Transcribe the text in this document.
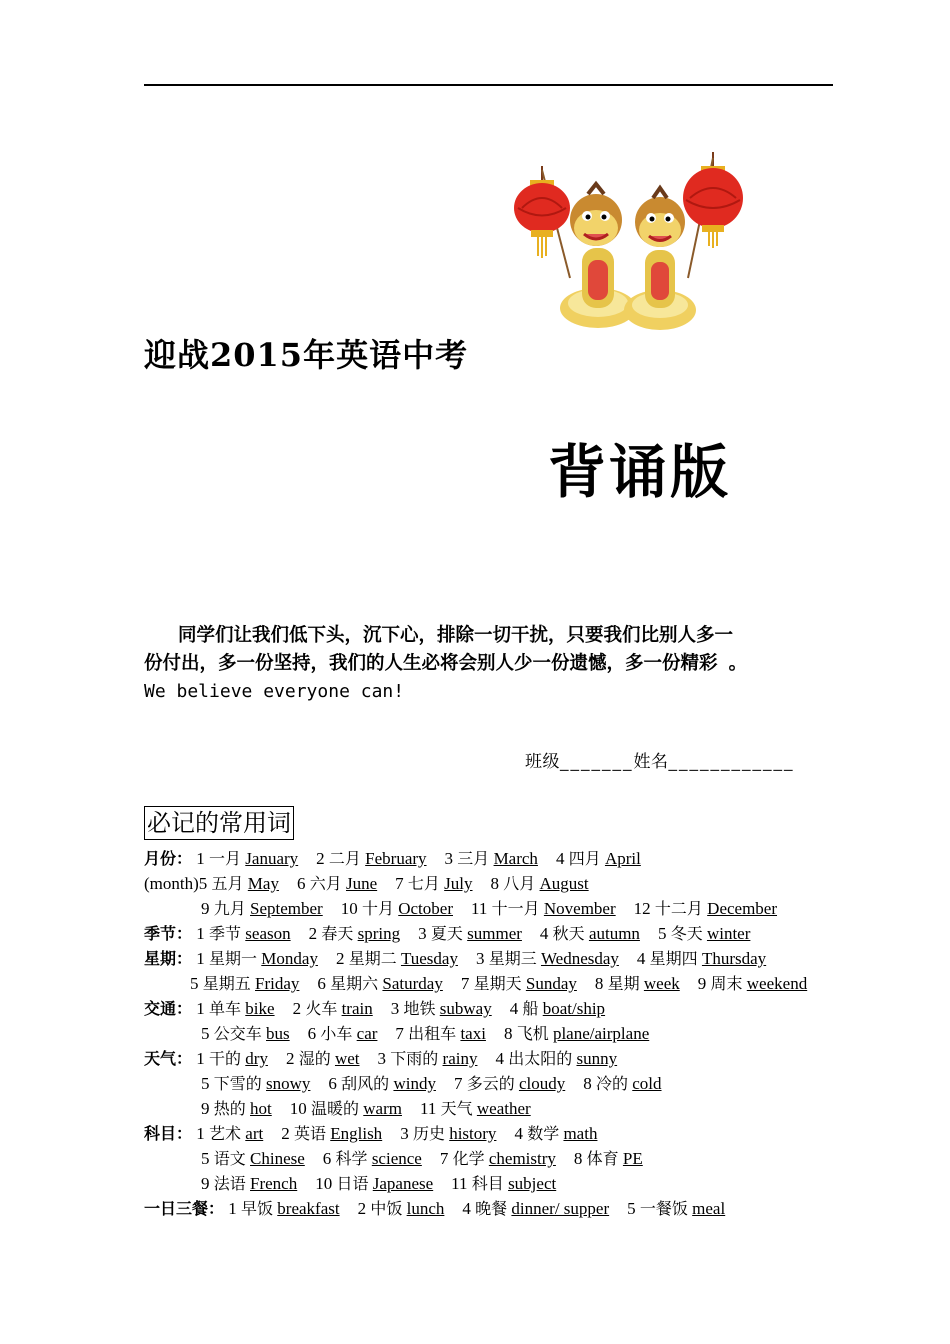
迎战2015年英语中考
背诵版

同学们让我们低下头，沉下心，排除一切干扰，只要我们比别人多一

份付出，多一份坚持，我们的人生必将会别人少一份遗憾，多一份精彩 。

We believe everyone can!

班级_______姓名____________
必记的常用词
月份： 1 一月 January 2 二月 February 3 三月 March 4 四月 April
(month)5 五月 May 6 六月 June 7 七月 July 8 八月 August
9 九月 September 10 十月 October 11 十一月 November 12 十二月 December
季节： 1 季节 season 2 春天 spring 3 夏天 summer 4 秋天 autumn 5 冬天 winter
星期： 1 星期一 Monday 2 星期二 Tuesday 3 星期三 Wednesday 4 星期四 Thursday
5 星期五 Friday 6 星期六 Saturday 7 星期天 Sunday 8 星期 week 9 周末 weekend
交通： 1 单车 bike 2 火车 train 3 地铁 subway 4 船 boat/ship
5 公交车 bus 6 小车 car 7 出租车 taxi 8 飞机 plane/airplane
天气： 1 干的 dry 2 湿的 wet 3 下雨的 rainy 4 出太阳的 sunny
5 下雪的 snowy 6 刮风的 windy 7 多云的 cloudy 8 冷的 cold
9 热的 hot 10 温暖的 warm 11 天气 weather
科目： 1 艺术 art 2 英语 English 3 历史 history 4 数学 math
5 语文 Chinese 6 科学 science 7 化学 chemistry 8 体育 PE
9 法语 French 10 日语 Japanese 11 科目 subject
一日三餐： 1 早饭 breakfast 2 中饭 lunch 4 晚餐 dinner/ supper 5 一餐饭 meal
